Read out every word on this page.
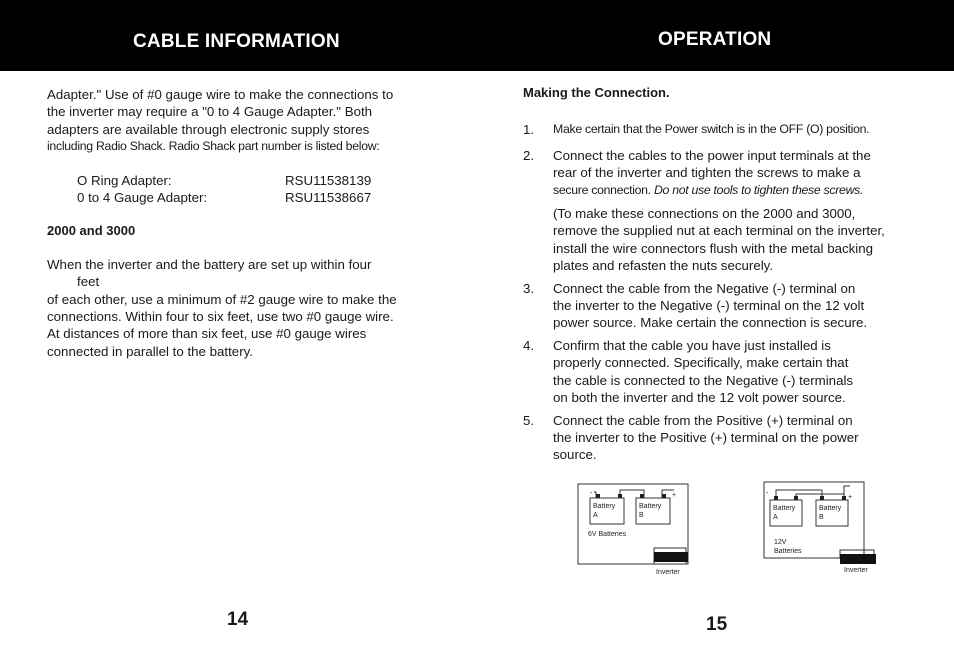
CABLE INFORMATION	OPERATION

Adapter." Use of #0 gauge wire to make the connections to

the inverter may require a "0 to 4 Gauge Adapter." Both

adapters are available through electronic supply stores

including Radio Shack. Radio Shack part number is listed below:

O Ring Adapter:	RSU11538139
0 to 4 Gauge Adapter:	RSU11538667

2000 and 3000

When the inverter and the battery are set up within four

feet

of each other, use a minimum of #2 gauge wire to make the

connections. Within four to six feet, use two #0 gauge wire.

At distances of more than six feet, use #0 gauge wires

connected in parallel to the battery.

Making the Connection.

1. Make certain that the Power switch is in the OFF (O) position.

2. Connect the cables to the power input terminals at the

rear of the inverter and tighten the screws to make a

secure connection. Do not use tools to tighten these screws.

(To make these connections on the 2000 and 3000,

remove the supplied nut at each terminal on the inverter,

install the wire connectors flush with the metal backing

plates and refasten the nuts securely.

3. Connect the cable from the Negative (-) terminal on

the inverter to the Negative (-) terminal on the 12 volt

power source. Make certain the connection is secure.

4. Confirm that the cable you have just installed is

properly connected. Specifically, make certain that

the cable is connected to the Negative (-) terminals

on both the inverter and the 12 volt power source.

5. Connect the cable from the Positive (+) terminal on

the inverter to the Positive (+) terminal on the power

source.

-	+
Battery
A
Battery
B
6V Batteries
Inverter
-
+
Battery
A
Battery
B
12V
Batteries
Inverter
14	15
